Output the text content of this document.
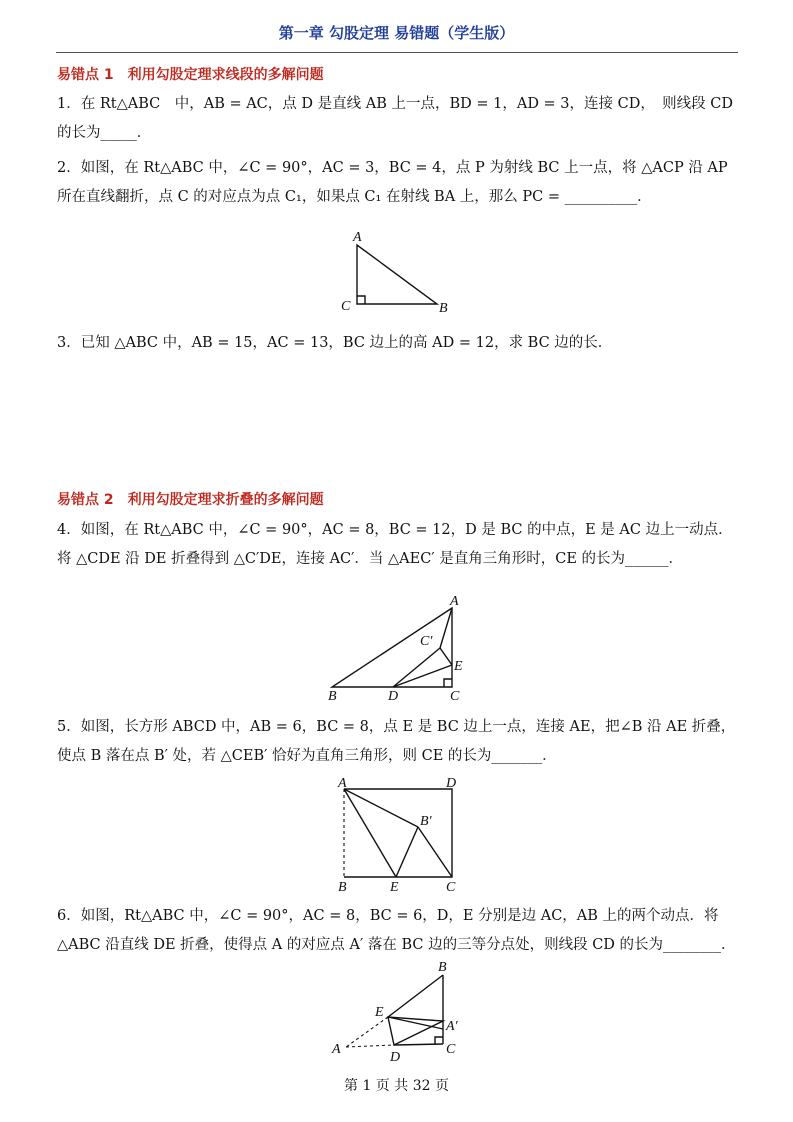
第一章 勾股定理 易错题（学生版）
易错点 1　利用勾股定理求线段的多解问题
1．在 Rt△ABC　中，AB = AC，点 D 是直线 AB 上一点，BD = 1，AD = 3，连接 CD，　则线段 CD　的长为_____．
2．如图，在 Rt△ABC 中，∠C = 90°，AC = 3，BC = 4，点 P 为射线 BC 上一点，将 △ACP 沿 AP 所在直线翻折，点 C 的对应点为点 C₁，如果点 C₁ 在射线 BA 上，那么 PC = __________．
A
C	B
3．已知 △ABC 中，AB = 15，AC = 13，BC 边上的高 AD = 12，求 BC 边的长．
易错点 2　利用勾股定理求折叠的多解问题
4．如图，在 Rt△ABC 中，∠C = 90°，AC = 8，BC = 12，D 是 BC 的中点，E 是 AC 边上一动点．将 △CDE 沿 DE 折叠得到 △C′DE，连接 AC′．当 △AEC′ 是直角三角形时，CE 的长为______．
A
C′
E
B	D	C
5．如图，长方形 ABCD 中，AB = 6，BC = 8，点 E 是 BC 边上一点，连接 AE，把∠B 沿 AE 折叠，使点 B 落在点 B′ 处，若 △CEB′ 恰好为直角三角形，则 CE 的长为_______．
A	D
B′
B	E	C
6．如图，Rt△ABC 中，∠C = 90°，AC = 8，BC = 6，D，E 分别是边 AC，AB 上的两个动点．将 △ABC 沿直线 DE 折叠，使得点 A 的对应点 A′ 落在 BC 边的三等分点处，则线段 CD 的长为________．
B
E
A′
A	C
D
第 1 页 共 32 页
